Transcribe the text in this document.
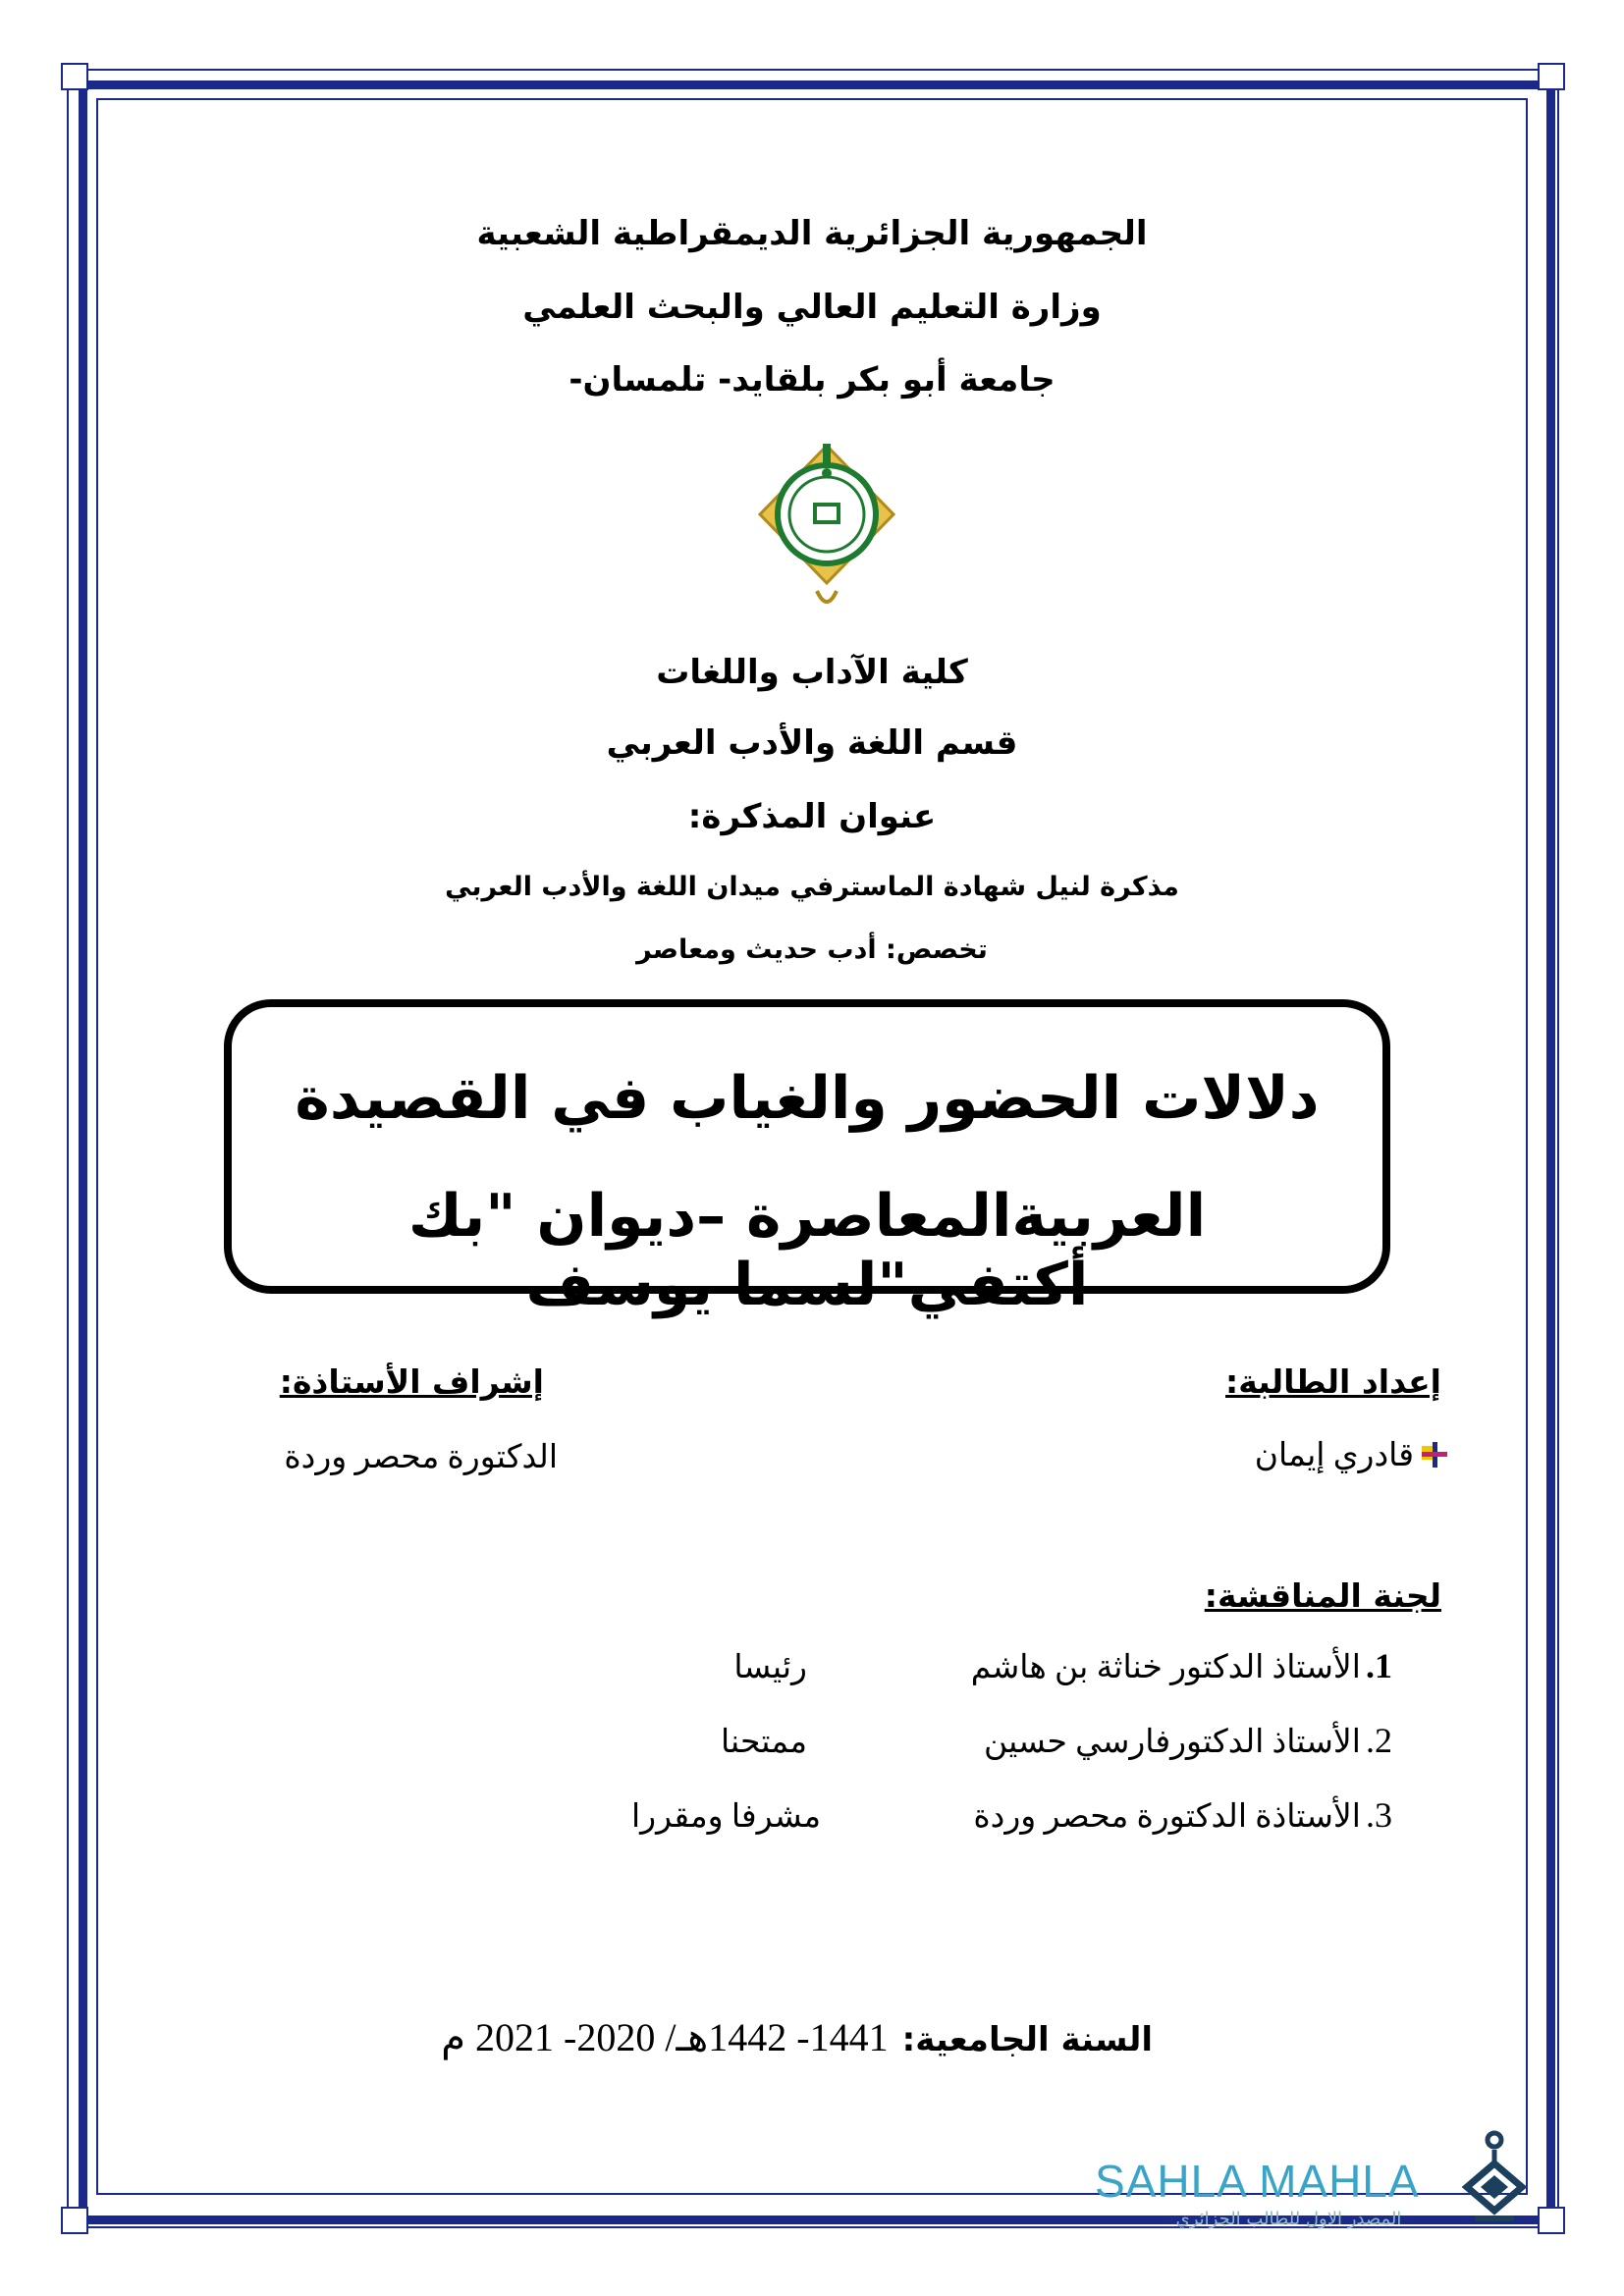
الجمهورية الجزائرية الديمقراطية الشعبية
وزارة التعليم العالي والبحث العلمي
جامعة أبو بكر بلقايد- تلمسان-
كلية الآداب واللغات
قسم اللغة والأدب العربي
عنوان المذكرة:
مذكرة لنيل شهادة الماسترفي ميدان اللغة والأدب العربي
تخصص: أدب حديث ومعاصر
دلالات الحضور والغياب في القصيدة
العربيةالمعاصرة –ديوان "بك أكتفي"لسما يوسف
إعداد الطالبة:
إشراف الأستاذة:
قادري إيمان
الدكتورة محصر وردة
لجنة المناقشة:
1. الأستاذ الدكتور خناثة بن هاشم
رئيسا
2. الأستاذ الدكتورفارسي حسين
ممتحنا
3. الأستاذة الدكتورة محصر وردة
مشرفا ومقررا
السنة الجامعية:
1441- 1442هـ/ 2020- 2021 م
SAHLA MAHLA
المصدر الاول للطالب الجزائري
